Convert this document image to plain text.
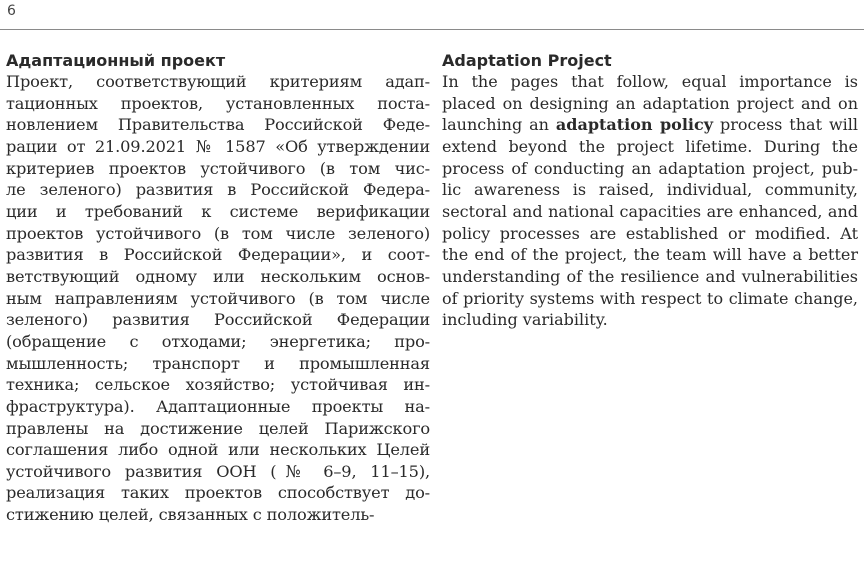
6
Адаптационный проект
Проект, соответствующий критериям адап-
тационных проектов, установленных поста-
новлением Правительства Российской Феде-
рации от 21.09.2021 № 1587 «Об утверждении
критериев проектов устойчивого (в том чис-
ле зеленого) развития в Российской Федера-
ции и требований к системе верификации
проектов устойчивого (в том числе зеленого)
развития в Российской Федерации», и соот-
ветствующий одному или нескольким основ-
ным направлениям устойчивого (в том числе
зеленого) развития Российской Федерации
(обращение с отходами; энергетика; про-
мышленность; транспорт и промышленная
техника; сельское хозяйство; устойчивая ин-
фраструктура). Адаптационные проекты на-
правлены на достижение целей Парижского
соглашения либо одной или нескольких Целей
устойчивого развития ООН (№ 6–9, 11–15),
реализация таких проектов способствует до-
стижению целей, связанных с положитель-
Adaptation Project
In the pages that follow, equal importance is
placed on designing an adaptation project and on
launching an adaptation policy process that will
extend beyond the project lifetime. During the
process of conducting an adaptation project, pub-
lic awareness is raised, individual, community,
sectoral and national capacities are enhanced, and
policy processes are established or modified. At
the end of the project, the team will have a better
understanding of the resilience and vulnerabilities
of priority systems with respect to climate change,
including variability.
